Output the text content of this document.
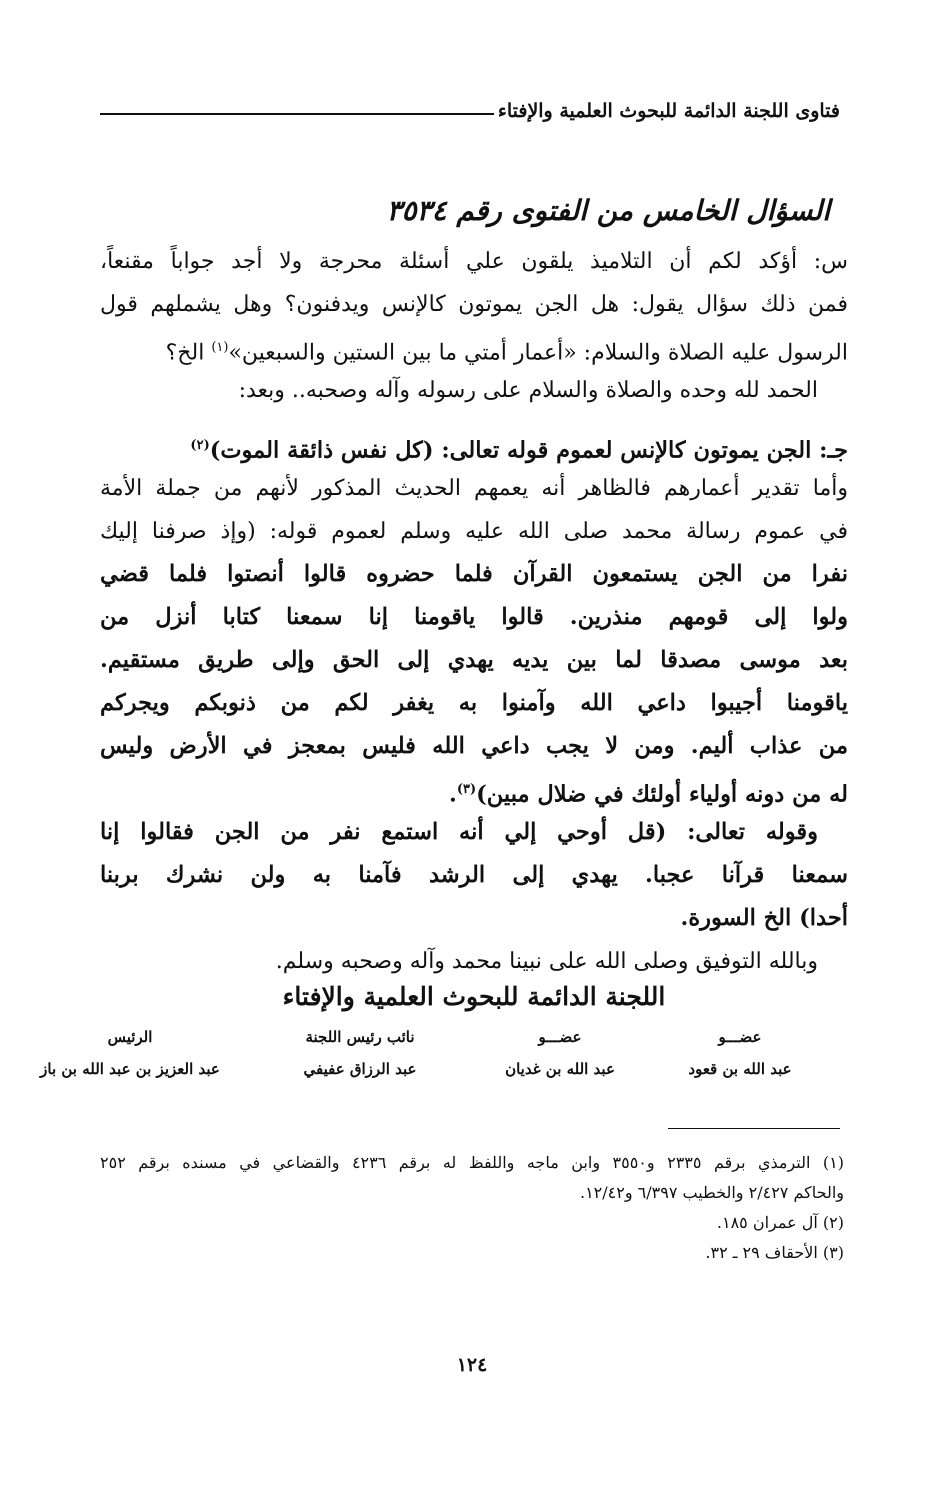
فتاوى اللجنة الدائمة للبحوث العلمية والإفتاء
السؤال الخامس من الفتوى رقم ٣٥٣٤
س: أؤكد لكم أن التلاميذ يلقون علي أسئلة محرجة ولا أجد جواباً مقنعاً،
فمن ذلك سؤال يقول: هل الجن يموتون كالإنس ويدفنون؟ وهل يشملهم قول
الرسول عليه الصلاة والسلام: «أعمار أمتي ما بين الستين والسبعين»$^{(١)}$ الخ؟
الحمد لله وحده والصلاة والسلام على رسوله وآله وصحبه.. وبعد:
جـ: الجن يموتون كالإنس لعموم قوله تعالى: (كل نفس ذائقة الموت)$^{(٢)}$
وأما تقدير أعمارهم فالظاهر أنه يعمهم الحديث المذكور لأنهم من جملة الأمة
في عموم رسالة محمد صلى الله عليه وسلم لعموم قوله: (وإذ صرفنا إليك
نفرا من الجن يستمعون القرآن فلما حضروه قالوا أنصتوا فلما قضي
ولوا إلى قومهم منذرين. قالوا ياقومنا إنا سمعنا كتابا أنزل من
بعد موسى مصدقا لما بين يديه يهدي إلى الحق وإلى طريق مستقيم.
ياقومنا أجيبوا داعي الله وآمنوا به يغفر لكم من ذنوبكم ويجركم
من عذاب أليم. ومن لا يجب داعي الله فليس بمعجز في الأرض وليس
له من دونه أولياء أولئك في ضلال مبين)$^{(٣)}$.
وقوله تعالى: (قل أوحي إلي أنه استمع نفر من الجن فقالوا إنا
سمعنا قرآنا عجبا. يهدي إلى الرشد فآمنا به ولن نشرك بربنا
أحدا) الخ السورة.
وبالله التوفيق وصلى الله على نبينا محمد وآله وصحبه وسلم.
اللجنة الدائمة للبحوث العلمية والإفتاء
الرئيس
عبد العزيز بن عبد الله بن باز
نائب رئيس اللجنة
عبد الرزاق عفيفي
عضـــو
عبد الله بن غديان
عضـــو
عبد الله بن قعود
(١) الترمذي برقم ٢٣٣٥ و٣٥٥٠ وابن ماجه واللفظ له برقم ٤٢٣٦ والقضاعي في مسنده برقم ٢٥٢
والحاكم ٢/٤٢٧ والخطيب ٦/٣٩٧ و١٢/٤٢.
(٢) آل عمران ١٨٥.
(٣) الأحقاف ٢٩ ـ ٣٢.
١٢٤
